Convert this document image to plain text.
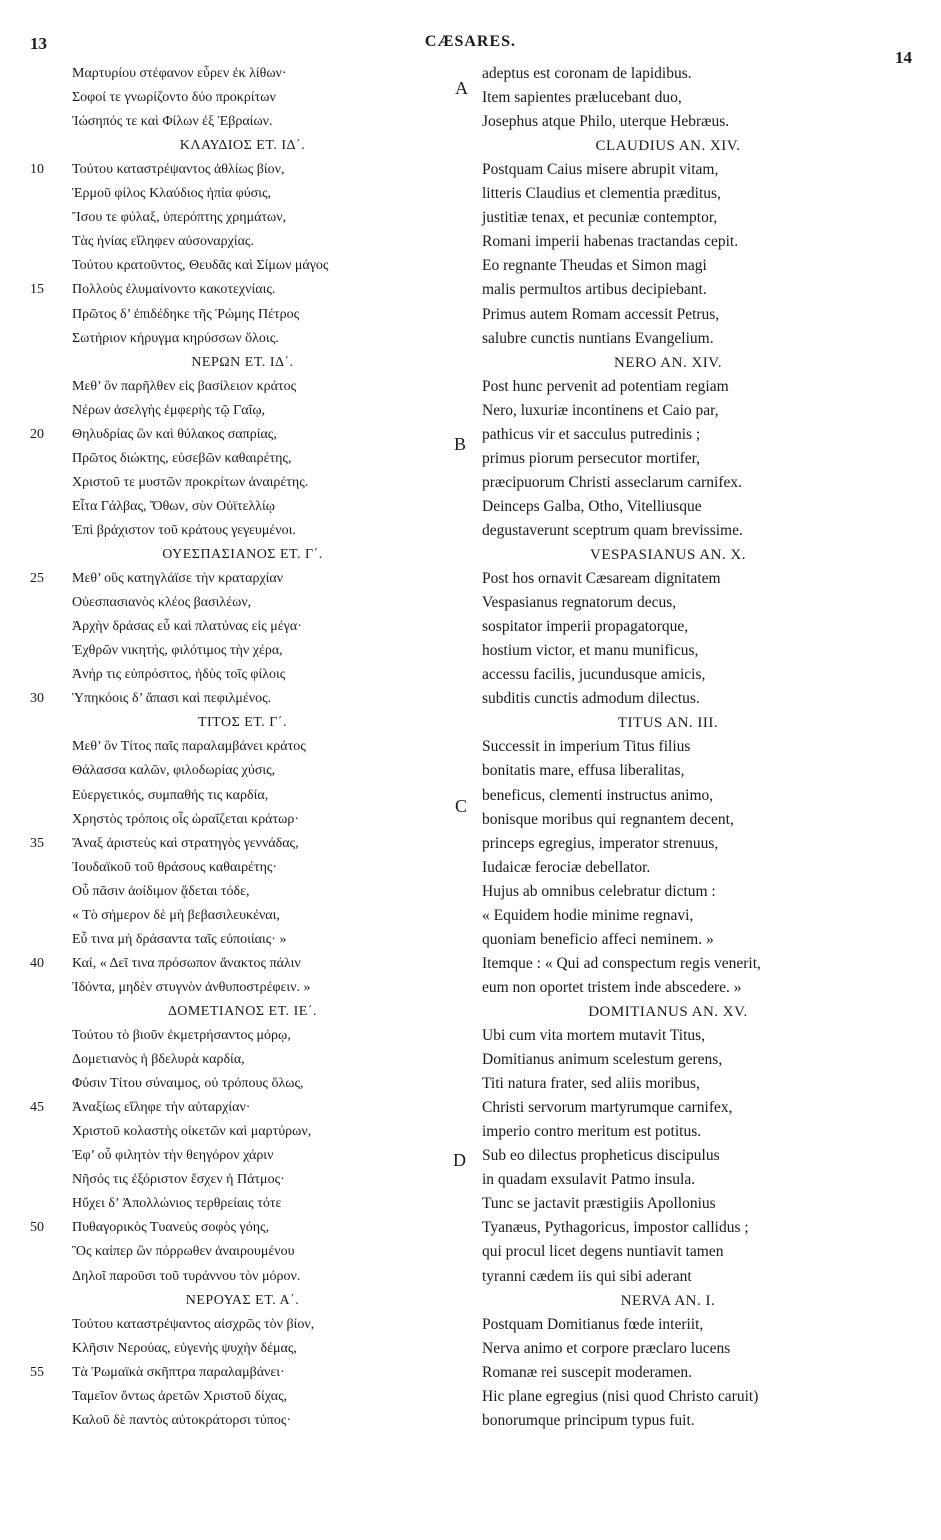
13	CÆSARES.
14
Μαρτυρίου στέφανον εὗρεν ἐκ λίθων·
Σοφοί τε γνωρίζοντο δύο προκρίτων
Ἰώσηπός τε καὶ Φίλων ἐξ Ἑβραίων.
ΚΛΑΥΔΙΟΣ ΕΤ. ΙΔ΄.
10 Τούτου καταστρέψαντος ἀθλίως βίον,
Ἑρμοῦ φίλος Κλαύδιος ἠπία φύσις,
Ἴσου τε φύλαξ, ὑπερόπτης χρημάτων,
Τὰς ἡνίας εἴληφεν αὐσοναρχίας.
Τούτου κρατοῦντος, Θευδᾶς καὶ Σίμων μάγος
15 Πολλοὺς ἐλυμαίνοντο κακοτεχνίαις.
Πρῶτος δ’ ἐπιδέδηκε τῆς Ῥώμης Πέτρος
Σωτήριον κήρυγμα κηρύσσων ὅλοις.
ΝΕΡΩΝ ΕΤ. ΙΔ΄.
Μεθ’ ὃν παρῆλθεν εἰς βασίλειον κράτος
Νέρων ἀσελγὴς ἐμφερὴς τῷ Γαΐῳ,
20 Θηλυδρίας ὢν καὶ θύλακος σαπρίας,
Πρῶτος διώκτης, εὐσεβῶν καθαιρέτης,
Χριστοῦ τε μυστῶν προκρίτων ἀναιρέτης.
Εἶτα Γάλβας, Ὄθων, σὺν Οὐϊτελλίῳ
Ἐπὶ βράχιστον τοῦ κράτους γεγευμένοι.
ΟΥΕΣΠΑΣΙΑΝΟΣ ΕΤ. Γ΄.
25 Μεθ’ οὓς κατηγλάϊσε τὴν κραταρχίαν
Οὐεσπασιανὸς κλέος βασιλέων,
Ἀρχὴν δράσας εὖ καὶ πλατύνας εἰς μέγα·
Ἐχθρῶν νικητής, φιλότιμος τὴν χέρα,
Ἀνήρ τις εὐπρόσιτος, ἡδὺς τοῖς φίλοις
30 Ὑπηκόοις δ’ ἅπασι καὶ πεφιλμένος.
ΤΙΤΟΣ ΕΤ. Γ΄.
Μεθ’ ὃν Τίτος παῖς παραλαμβάνει κράτος
Θάλασσα καλῶν, φιλοδωρίας χύσις,
Εὐεργετικός, συμπαθής τις καρδία,
Χρηστὸς τρόποις οἷς ὡραΐζεται κράτωρ·
35 Ἄναξ ἀριστεὺς καὶ στρατηγὸς γεννάδας,
Ἰουδαϊκοῦ τοῦ θράσους καθαιρέτης·
Οὗ πᾶσιν ἀοίδιμον ᾄδεται τόδε,
« Τὸ σήμερον δὲ μὴ βεβασιλευκέναι,
Εὖ τινα μὴ δράσαντα ταῖς εὐποιίαις· »
40 Καί, « Δεῖ τινα πρόσωπον ἄνακτος πάλιν
Ἰδόντα, μηδὲν στυγνὸν ἀνθυποστρέφειν. »
ΔΟΜΕΤΙΑΝΟΣ ΕΤ. ΙΕ΄.
Τούτου τὸ βιοῦν ἐκμετρήσαντος μόρῳ,
Δομετιανὸς ἡ βδελυρὰ καρδία,
Φύσιν Τίτου σύναιμος, οὐ τρόπους ὅλως,
45 Ἀναξίως εἴληφε τὴν αὐταρχίαν·
Χριστοῦ κολαστὴς οἰκετῶν καὶ μαρτύρων,
Ἐφ’ οὗ φιλητὸν τὴν θεηγόρον χάριν
Νῆσός τις ἐξόριστον ἔσχεν ἡ Πάτμος·
Ηὔχει δ’ Ἀπολλώνιος τερθρείαις τότε
50 Πυθαγορικὸς Τυανεὺς σοφὸς γόης,
Ὃς καίπερ ὢν πόρρωθεν ἀναιρουμένου
Δηλοῖ παροῦσι τοῦ τυράννου τὸν μόρον.
ΝΕΡΟΥΑΣ ΕΤ. Α΄.
Τούτου καταστρέψαντος αἰσχρῶς τὸν βίον,
Κλῆσιν Νερούας, εὐγενὴς ψυχὴν δέμας,
55 Τὰ Ῥωμαϊκὰ σκῆπτρα παραλαμβάνει·
Ταμεῖον ὄντως ἀρετῶν Χριστοῦ δίχας,
Καλοῦ δὲ παντὸς αὐτοκράτορσι τύπος·
adeptus est coronam de lapidibus.
Item sapientes prælucebant duo,
Josephus atque Philo, uterque Hebræus.
CLAUDIUS AN. XIV.
Postquam Caius misere abrupit vitam,
litteris Claudius et clementia præditus,
justitiæ tenax, et pecuniæ contemptor,
Romani imperii habenas tractandas cepit.
Eo regnante Theudas et Simon magi
malis permultos artibus decipiebant.
Primus autem Romam accessit Petrus,
salubre cunctis nuntians Evangelium.
NERO AN. XIV.
Post hunc pervenit ad potentiam regiam
Nero, luxuriæ incontinens et Caio par,
pathicus vir et sacculus putredinis ;
primus piorum persecutor mortifer,
præcipuorum Christi asseclarum carnifex.
Deinceps Galba, Otho, Vitelliusque
degustaverunt sceptrum quam brevissime.
VESPASIANUS AN. X.
Post hos ornavit Cæsaream dignitatem
Vespasianus regnatorum decus,
sospitator imperii propagatorque,
hostium victor, et manu munificus,
accessu facilis, jucundusque amicis,
subditis cunctis admodum dilectus.
TITUS AN. III.
Successit in imperium Titus filius
bonitatis mare, effusa liberalitas,
beneficus, clementi instructus animo,
bonisque moribus qui regnantem decent,
princeps egregius, imperator strenuus,
Iudaicæ ferociæ debellator.
Hujus ab omnibus celebratur dictum :
« Equidem hodie minime regnavi,
quoniam beneficio affeci neminem. »
Itemque : « Qui ad conspectum regis venerit,
eum non oportet tristem inde abscedere. »
DOMITIANUS AN. XV.
Ubi cum vita mortem mutavit Titus,
Domitianus animum scelestum gerens,
Titi natura frater, sed aliis moribus,
Christi servorum martyrumque carnifex,
imperio contro meritum est potitus.
Sub eo dilectus propheticus discipulus
in quadam exsulavit Patmo insula.
Tunc se jactavit præstigiis Apollonius
Tyanæus, Pythagoricus, impostor callidus ;
qui procul licet degens nuntiavit tamen
tyranni cædem iis qui sibi aderant
NERVA AN. I.
Postquam Domitianus fœde interiit,
Nerva animo et corpore præclaro lucens
Romanæ rei suscepit moderamen.
Hic plane egregius (nisi quod Christo caruit)
bonorumque principum typus fuit.
A
B
C
D
